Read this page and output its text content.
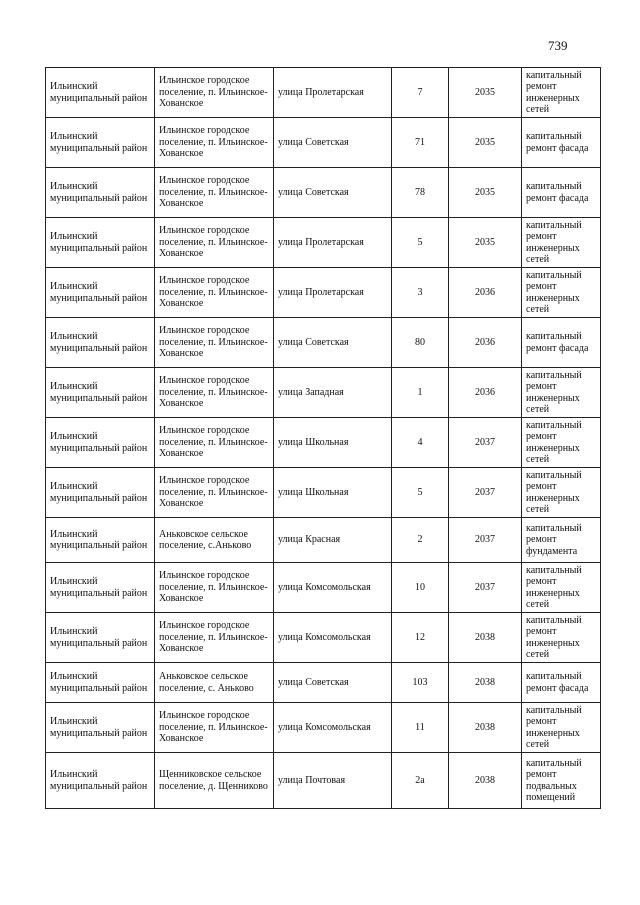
739
Ильинский муниципальный район	Ильинское городское поселение, п. Ильинское-Хованское	улица Пролетарская	7	2035	капитальный ремонт инженерных сетей
Ильинский муниципальный район	Ильинское городское поселение, п. Ильинское-Хованское	улица Советская	71	2035	капитальный ремонт фасада
Ильинский муниципальный район	Ильинское городское поселение, п. Ильинское-Хованское	улица Советская	78	2035	капитальный ремонт фасада
Ильинский муниципальный район	Ильинское городское поселение, п. Ильинское-Хованское	улица Пролетарская	5	2035	капитальный ремонт инженерных сетей
Ильинский муниципальный район	Ильинское городское поселение, п. Ильинское-Хованское	улица Пролетарская	3	2036	капитальный ремонт инженерных сетей
Ильинский муниципальный район	Ильинское городское поселение, п. Ильинское-Хованское	улица Советская	80	2036	капитальный ремонт фасада
Ильинский муниципальный район	Ильинское городское поселение, п. Ильинское-Хованское	улица Западная	1	2036	капитальный ремонт инженерных сетей
Ильинский муниципальный район	Ильинское городское поселение, п. Ильинское-Хованское	улица Школьная	4	2037	капитальный ремонт инженерных сетей
Ильинский муниципальный район	Ильинское городское поселение, п. Ильинское-Хованское	улица Школьная	5	2037	капитальный ремонт инженерных сетей
Ильинский муниципальный район	Аньковское сельское поселение, с.Аньково	улица Красная	2	2037	капитальный ремонт фундамента
Ильинский муниципальный район	Ильинское городское поселение, п. Ильинское-Хованское	улица Комсомольская	10	2037	капитальный ремонт инженерных сетей
Ильинский муниципальный район	Ильинское городское поселение, п. Ильинское-Хованское	улица Комсомольская	12	2038	капитальный ремонт инженерных сетей
Ильинский муниципальный район	Аньковское сельское поселение, с. Аньково	улица Советская	103	2038	капитальный ремонт фасада
Ильинский муниципальный район	Ильинское городское поселение, п. Ильинское-Хованское	улица Комсомольская	11	2038	капитальный ремонт инженерных сетей
Ильинский муниципальный район	Щенниковское сельское поселение, д. Щенниково	улица Почтовая	2а	2038	капитальный ремонт подвальных помещений
